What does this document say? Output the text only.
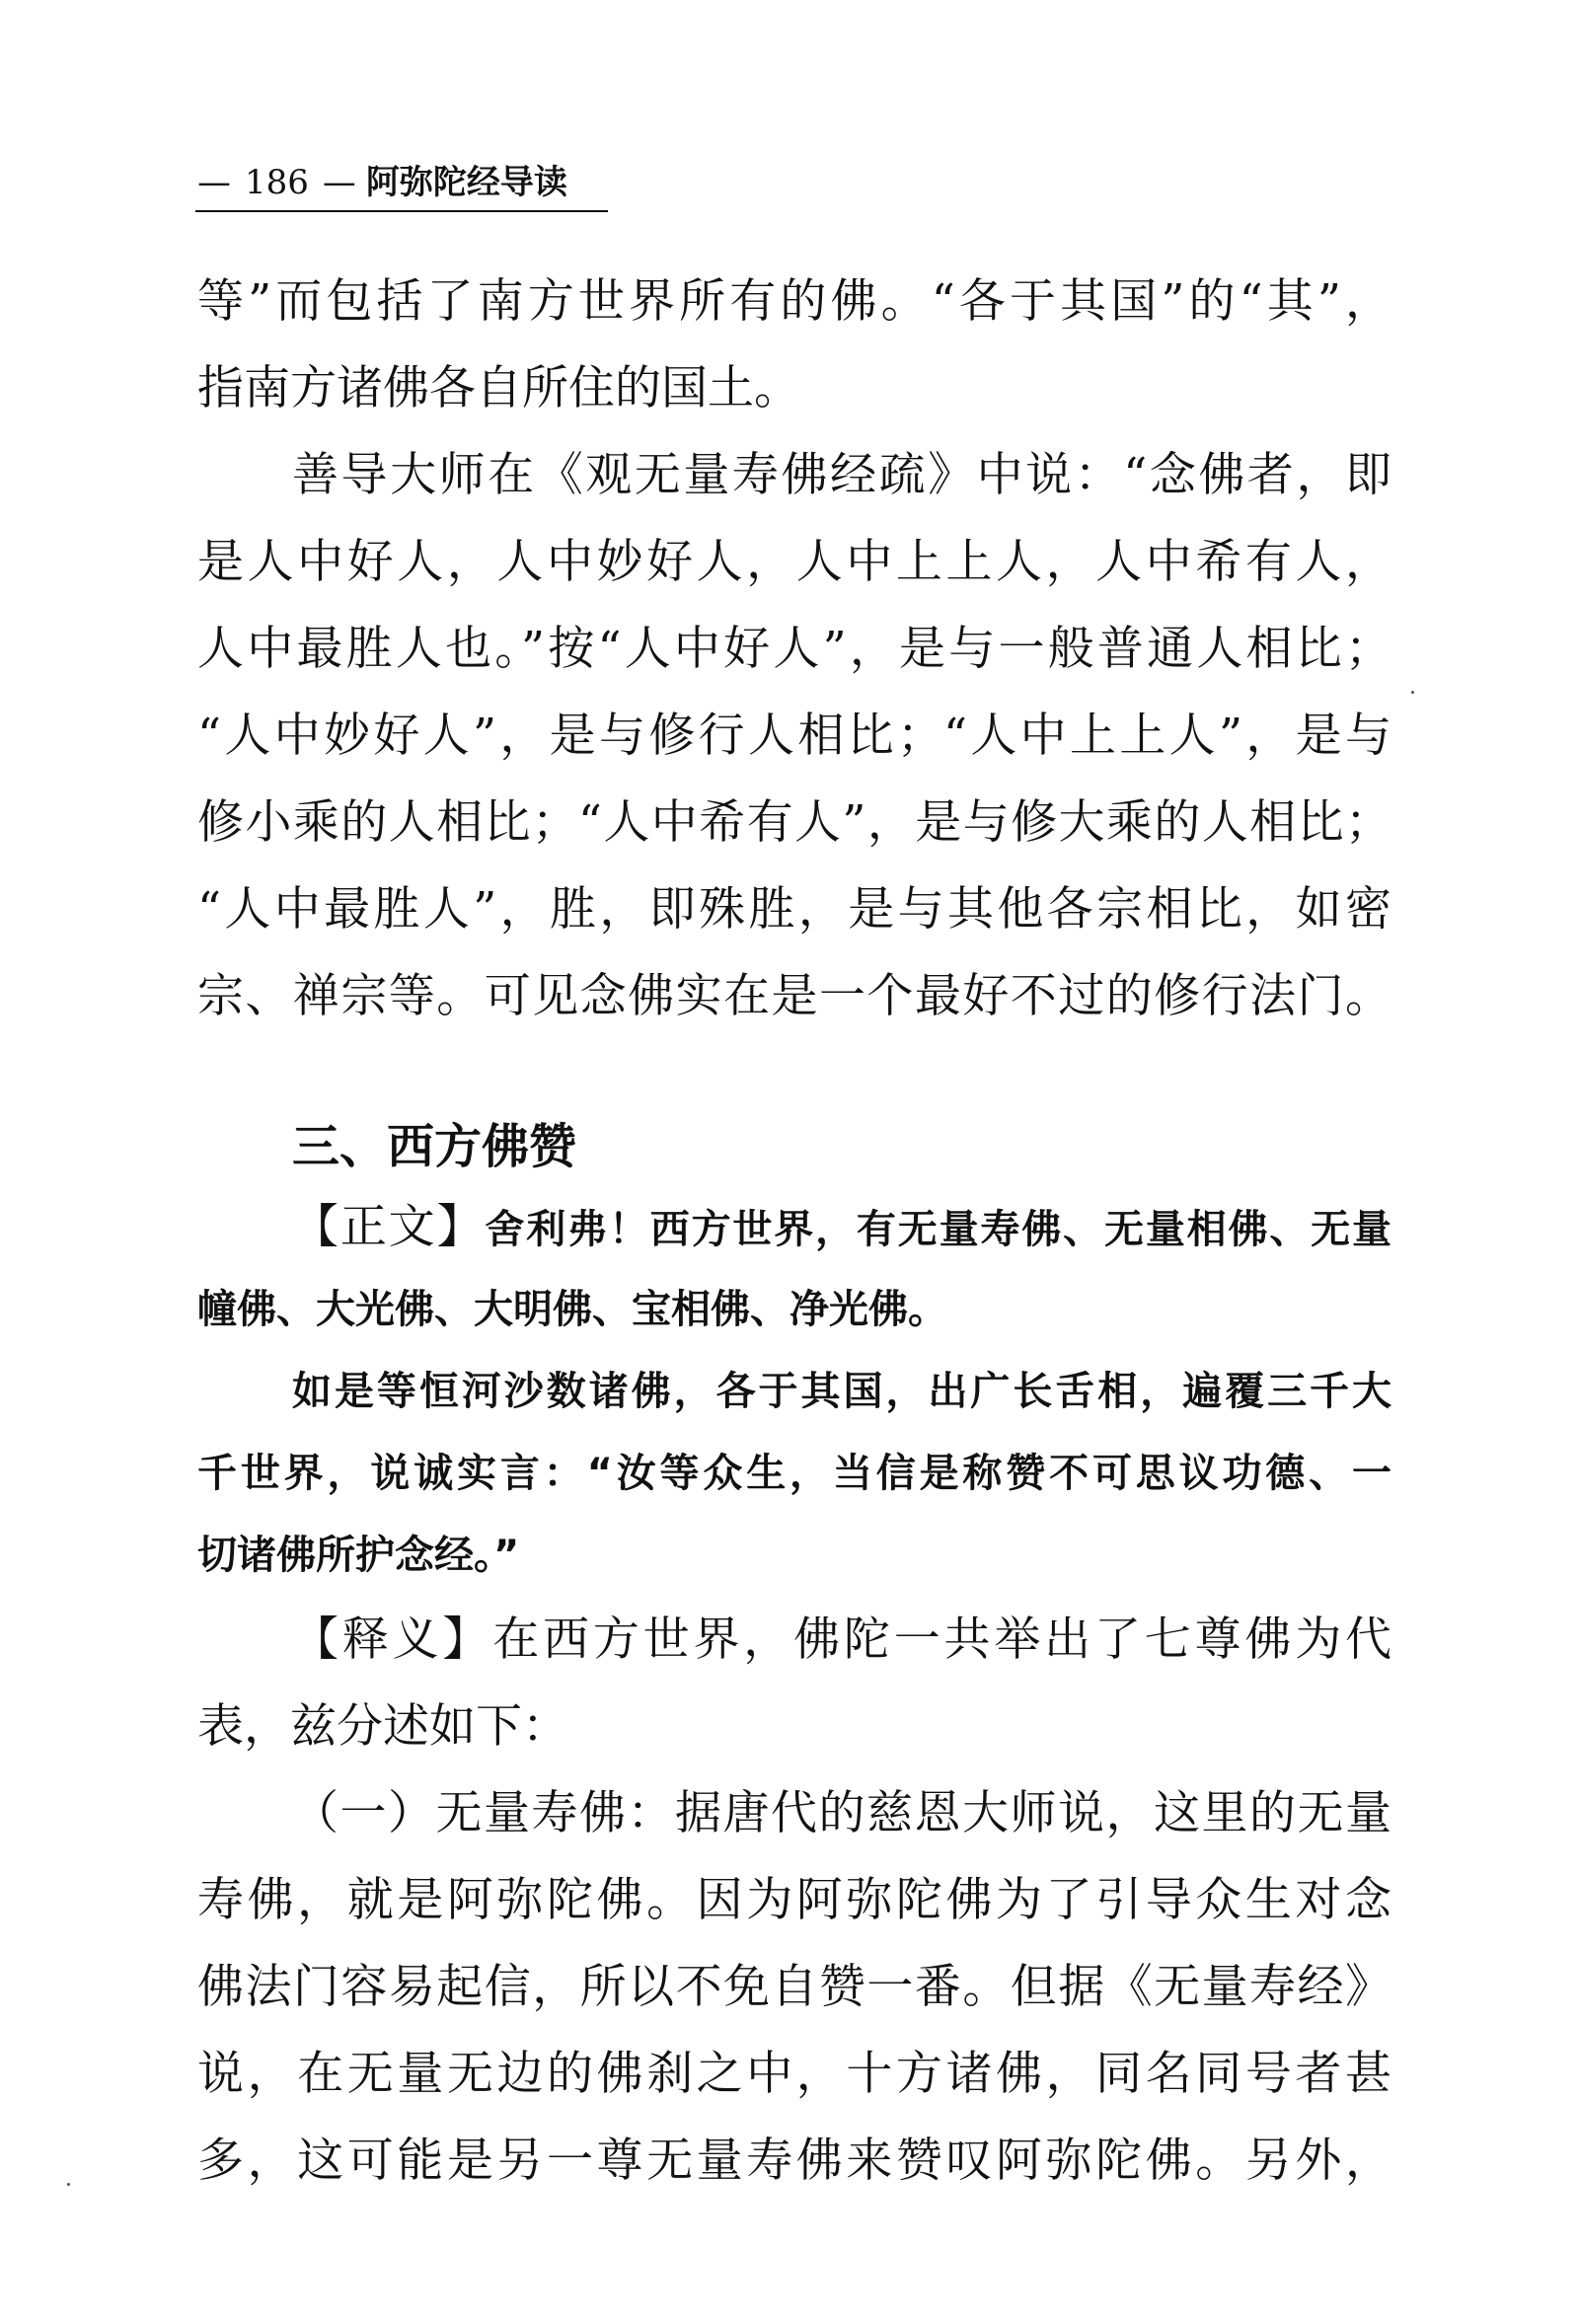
— 186 — 阿弥陀经导读
等”而包括了南方世界所有的佛。“各于其国”的“其”，
指南方诸佛各自所住的国土。
善导大师在《观无量寿佛经疏》中说：“念佛者，即
是人中好人，人中妙好人，人中上上人，人中希有人，
人中最胜人也。”按“人中好人”，是与一般普通人相比；
“人中妙好人”，是与修行人相比；“人中上上人”，是与
修小乘的人相比；“人中希有人”，是与修大乘的人相比；
“人中最胜人”，胜，即殊胜，是与其他各宗相比，如密
宗、禅宗等。可见念佛实在是一个最好不过的修行法门。
三、西方佛赞
【正文】舍利弗！西方世界，有无量寿佛、无量相佛、无量
幢佛、大光佛、大明佛、宝相佛、净光佛。
如是等恒河沙数诸佛，各于其国，出广长舌相，遍覆三千大
千世界，说诚实言：“汝等众生，当信是称赞不可思议功德、一
切诸佛所护念经。”
【释义】在西方世界，佛陀一共举出了七尊佛为代
表，兹分述如下：
（一）无量寿佛：据唐代的慈恩大师说，这里的无量
寿佛，就是阿弥陀佛。因为阿弥陀佛为了引导众生对念
佛法门容易起信，所以不免自赞一番。但据《无量寿经》
说，在无量无边的佛刹之中，十方诸佛，同名同号者甚
多，这可能是另一尊无量寿佛来赞叹阿弥陀佛。另外，
